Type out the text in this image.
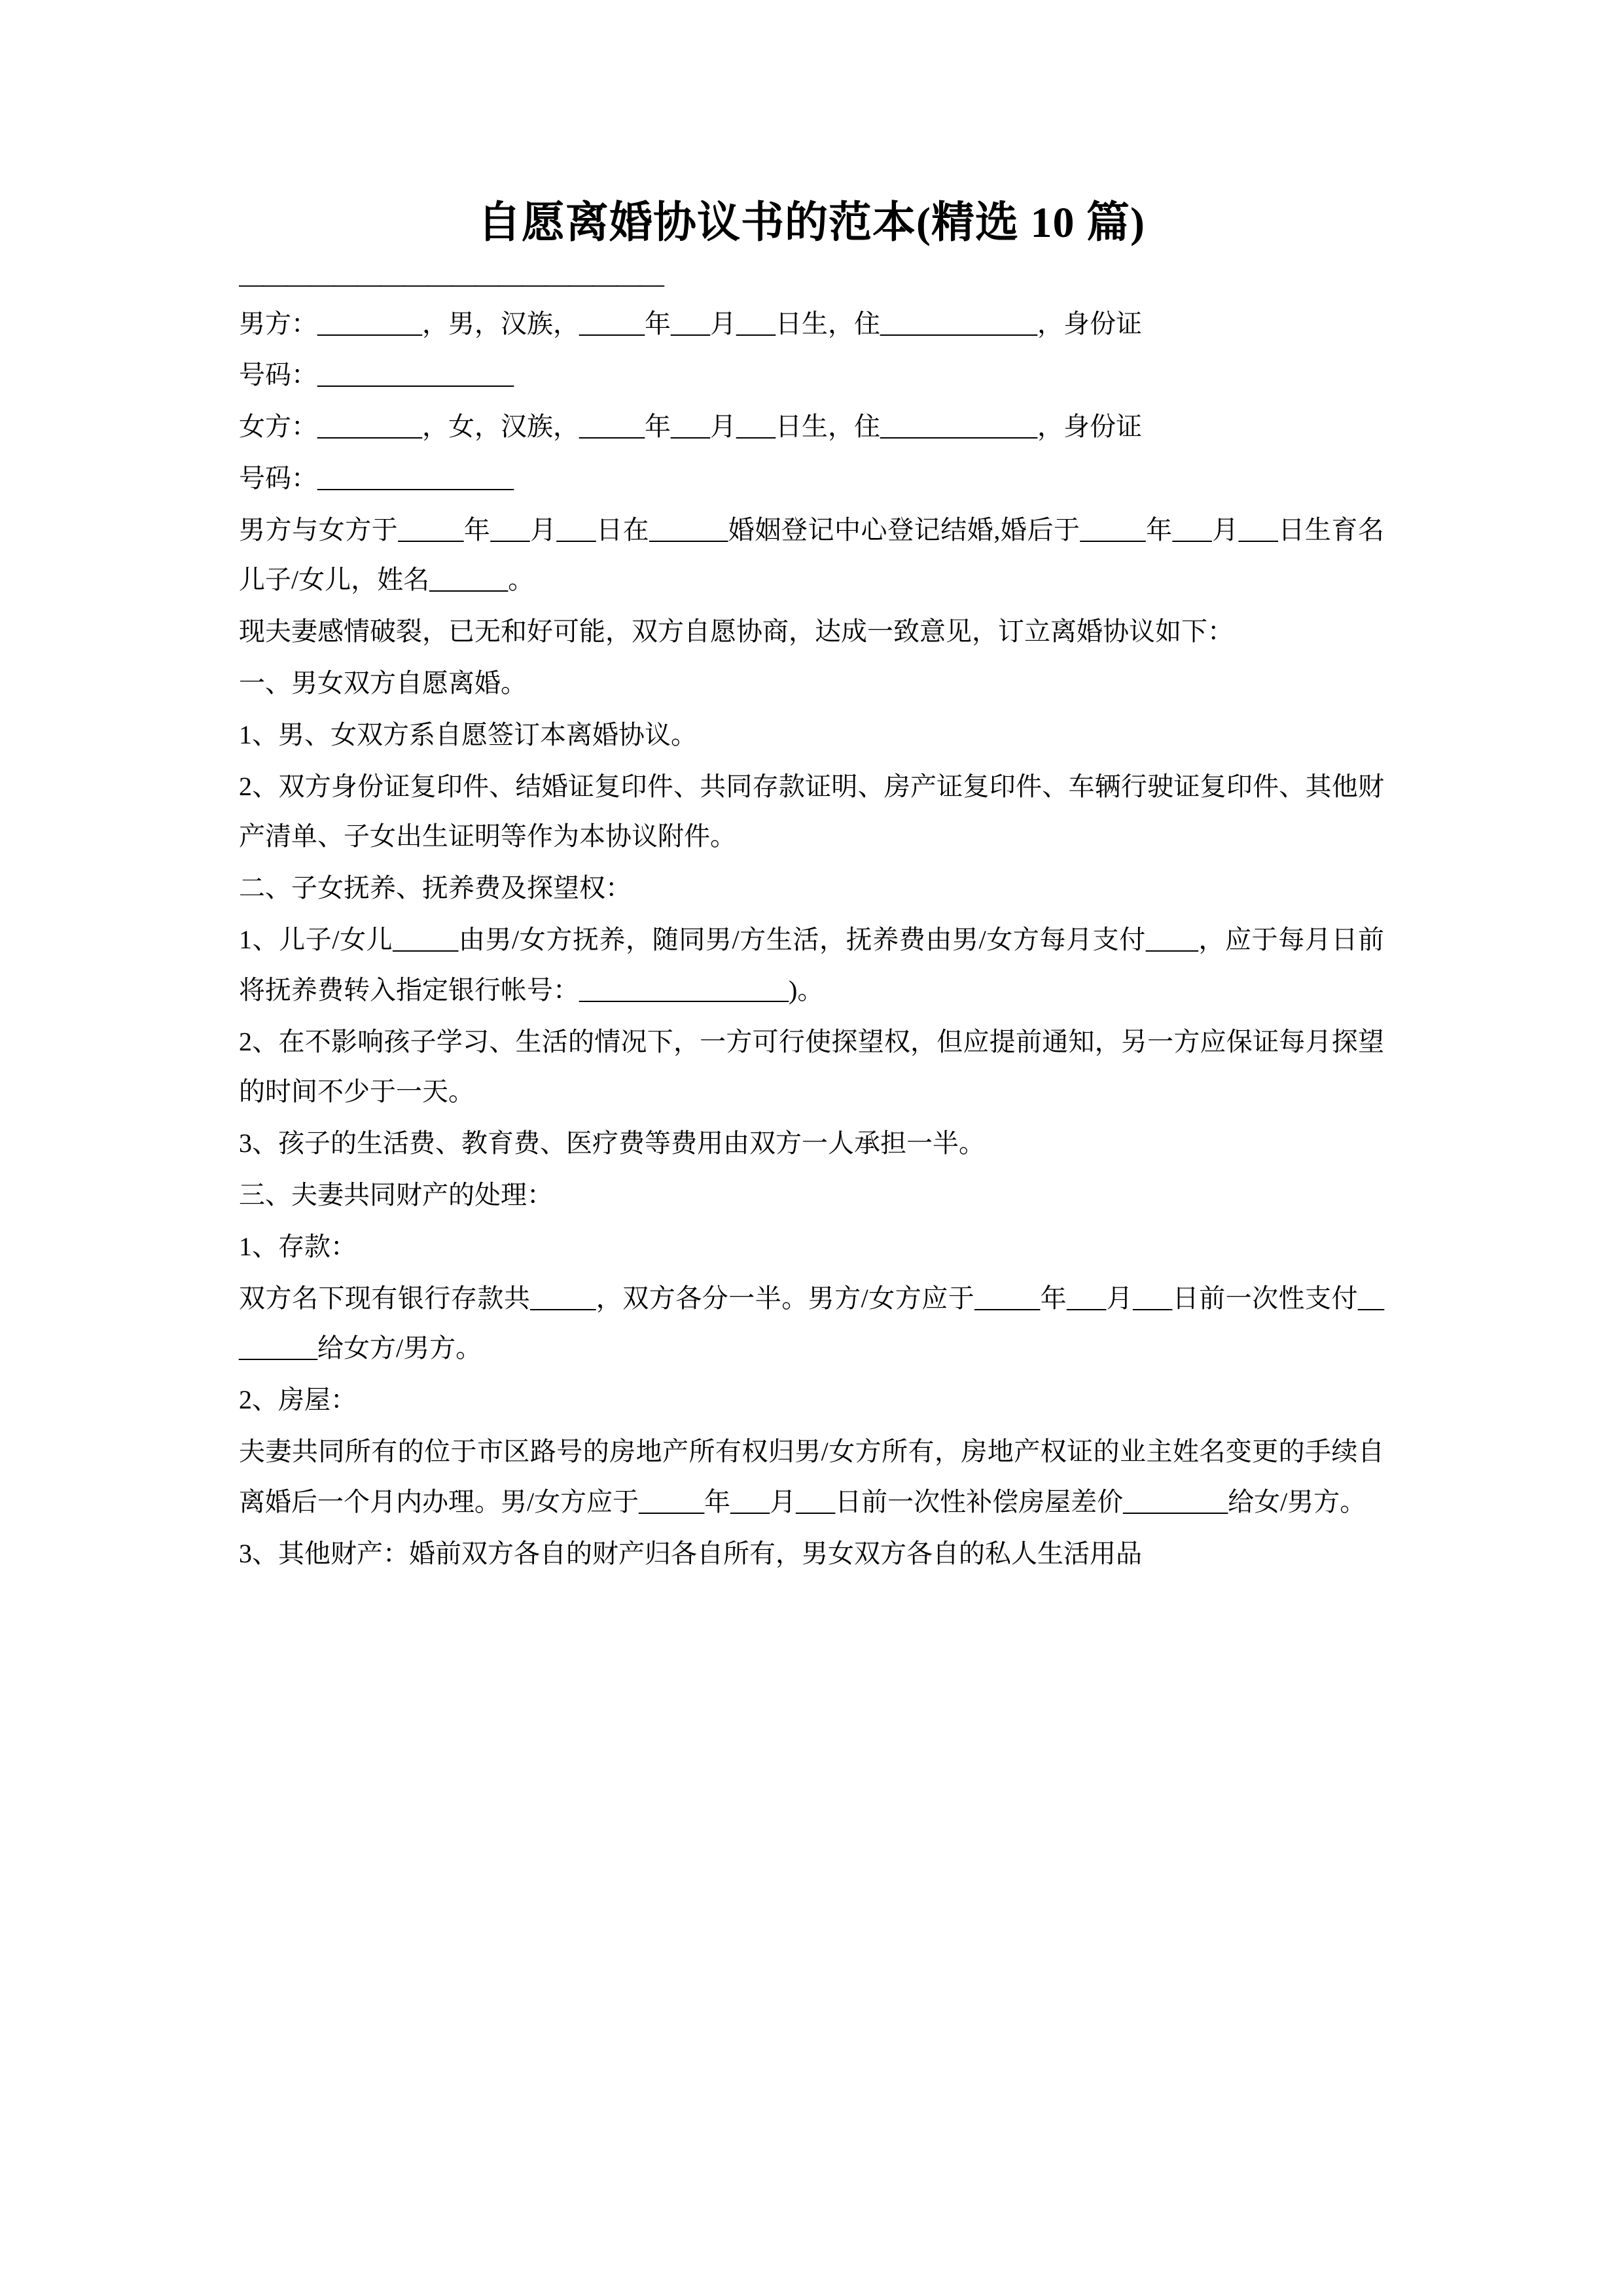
自愿离婚协议书的范本(精选 10 篇)
——————————————————

男方：________，男，汉族，_____年___月___日生，住____________，身份证

号码：_______________

女方：________，女，汉族，_____年___月___日生，住____________，身份证

号码：_______________

男方与女方于_____年___月___日在______婚姻登记中心登记结婚,婚后于_____年___月___日生育名儿子/女儿，姓名______。

现夫妻感情破裂，已无和好可能，双方自愿协商，达成一致意见，订立离婚协议如下：

一、男女双方自愿离婚。

1、男、女双方系自愿签订本离婚协议。

2、双方身份证复印件、结婚证复印件、共同存款证明、房产证复印件、车辆行驶证复印件、其他财产清单、子女出生证明等作为本协议附件。

二、子女抚养、抚养费及探望权：

1、儿子/女儿_____由男/女方抚养，随同男/方生活，抚养费由男/女方每月支付____，应于每月日前将抚养费转入指定银行帐号：________________)。

2、在不影响孩子学习、生活的情况下，一方可行使探望权，但应提前通知，另一方应保证每月探望的时间不少于一天。

3、孩子的生活费、教育费、医疗费等费用由双方一人承担一半。

三、夫妻共同财产的处理：

1、存款：

双方名下现有银行存款共_____，双方各分一半。男方/女方应于_____年___月___日前一次性支付________给女方/男方。

2、房屋：

夫妻共同所有的位于市区路号的房地产所有权归男/女方所有，房地产权证的业主姓名变更的手续自离婚后一个月内办理。男/女方应于_____年___月___日前一次性补偿房屋差价________给女/男方。

3、其他财产：婚前双方各自的财产归各自所有，男女双方各自的私人生活用品
